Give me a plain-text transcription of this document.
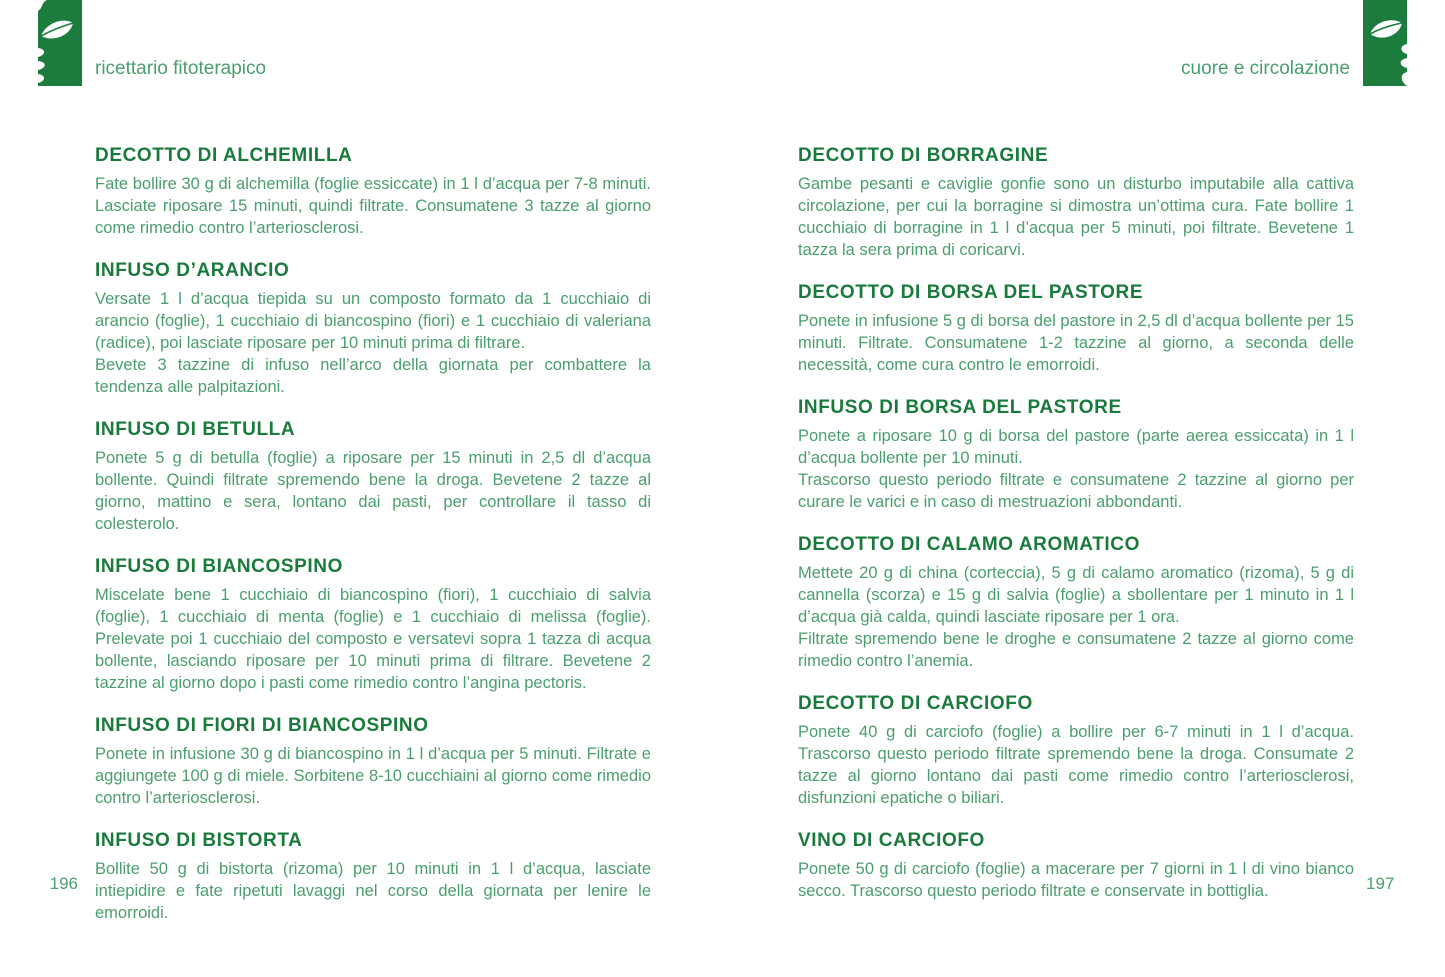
ricettario fitoterapico	cuore e circolazione
DECOTTO DI ALCHEMILLA

Fate bollire 30 g di alchemilla (foglie essiccate) in 1 l d’acqua per 7-8 minuti. Lasciate riposare 15 minuti, quindi filtrate. Consumatene 3 tazze al giorno come rimedio contro l’arteriosclerosi.

INFUSO D’ARANCIO

Versate 1 l d’acqua tiepida su un composto formato da 1 cucchiaio di arancio (foglie), 1 cucchiaio di biancospino (fiori) e 1 cucchiaio di valeriana (radice), poi lasciate riposare per 10 minuti prima di filtrare.

Bevete 3 tazzine di infuso nell’arco della giornata per combattere la tendenza alle palpitazioni.

INFUSO DI BETULLA

Ponete 5 g di betulla (foglie) a riposare per 15 minuti in 2,5 dl d’acqua bollente. Quindi filtrate spremendo bene la droga. Bevetene 2 tazze al giorno, mattino e sera, lontano dai pasti, per controllare il tasso di colesterolo.

INFUSO DI BIANCOSPINO

Miscelate bene 1 cucchiaio di biancospino (fiori), 1 cucchiaio di salvia (foglie), 1 cucchiaio di menta (foglie) e 1 cucchiaio di melissa (foglie). Prelevate poi 1 cucchiaio del composto e versatevi sopra 1 tazza di acqua bollente, lasciando riposare per 10 minuti prima di filtrare. Bevetene 2 tazzine al giorno dopo i pasti come rimedio contro l’angina pectoris.

INFUSO DI FIORI DI BIANCOSPINO

Ponete in infusione 30 g di biancospino in 1 l d’acqua per 5 minuti. Filtrate e aggiungete 100 g di miele. Sorbitene 8-10 cucchiaini al giorno come rimedio contro l’arteriosclerosi.

INFUSO DI BISTORTA

Bollite 50 g di bistorta (rizoma) per 10 minuti in 1 l d’acqua, lasciate intiepidire e fate ripetuti lavaggi nel corso della giornata per lenire le emorroidi.

DECOTTO DI BORRAGINE

Gambe pesanti e caviglie gonfie sono un disturbo imputabile alla cattiva circolazione, per cui la borragine si dimostra un’ottima cura. Fate bollire 1 cucchiaio di borragine in 1 l d’acqua per 5 minuti, poi filtrate. Bevetene 1 tazza la sera prima di coricarvi.

DECOTTO DI BORSA DEL PASTORE

Ponete in infusione 5 g di borsa del pastore in 2,5 dl d’acqua bollente per 15 minuti. Filtrate. Consumatene 1-2 tazzine al giorno, a seconda delle necessità, come cura contro le emorroidi.

INFUSO DI BORSA DEL PASTORE

Ponete a riposare 10 g di borsa del pastore (parte aerea essiccata) in 1 l d’acqua bollente per 10 minuti.

Trascorso questo periodo filtrate e consumatene 2 tazzine al giorno per curare le varici e in caso di mestruazioni abbondanti.

DECOTTO DI CALAMO AROMATICO

Mettete 20 g di china (corteccia), 5 g di calamo aromatico (rizoma), 5 g di cannella (scorza) e 15 g di salvia (foglie) a sbollentare per 1 minuto in 1 l d’acqua già calda, quindi lasciate riposare per 1 ora.

Filtrate spremendo bene le droghe e consumatene 2 tazze al giorno come rimedio contro l’anemia.

DECOTTO DI CARCIOFO

Ponete 40 g di carciofo (foglie) a bollire per 6-7 minuti in 1 l d’acqua. Trascorso questo periodo filtrate spremendo bene la droga. Consumate 2 tazze al giorno lontano dai pasti come rimedio contro l’arteriosclerosi, disfunzioni epatiche o biliari.

VINO DI CARCIOFO

Ponete 50 g di carciofo (foglie) a macerare per 7 giorni in 1 l di vino bianco secco. Trascorso questo periodo filtrate e conservate in bottiglia.

196	197
